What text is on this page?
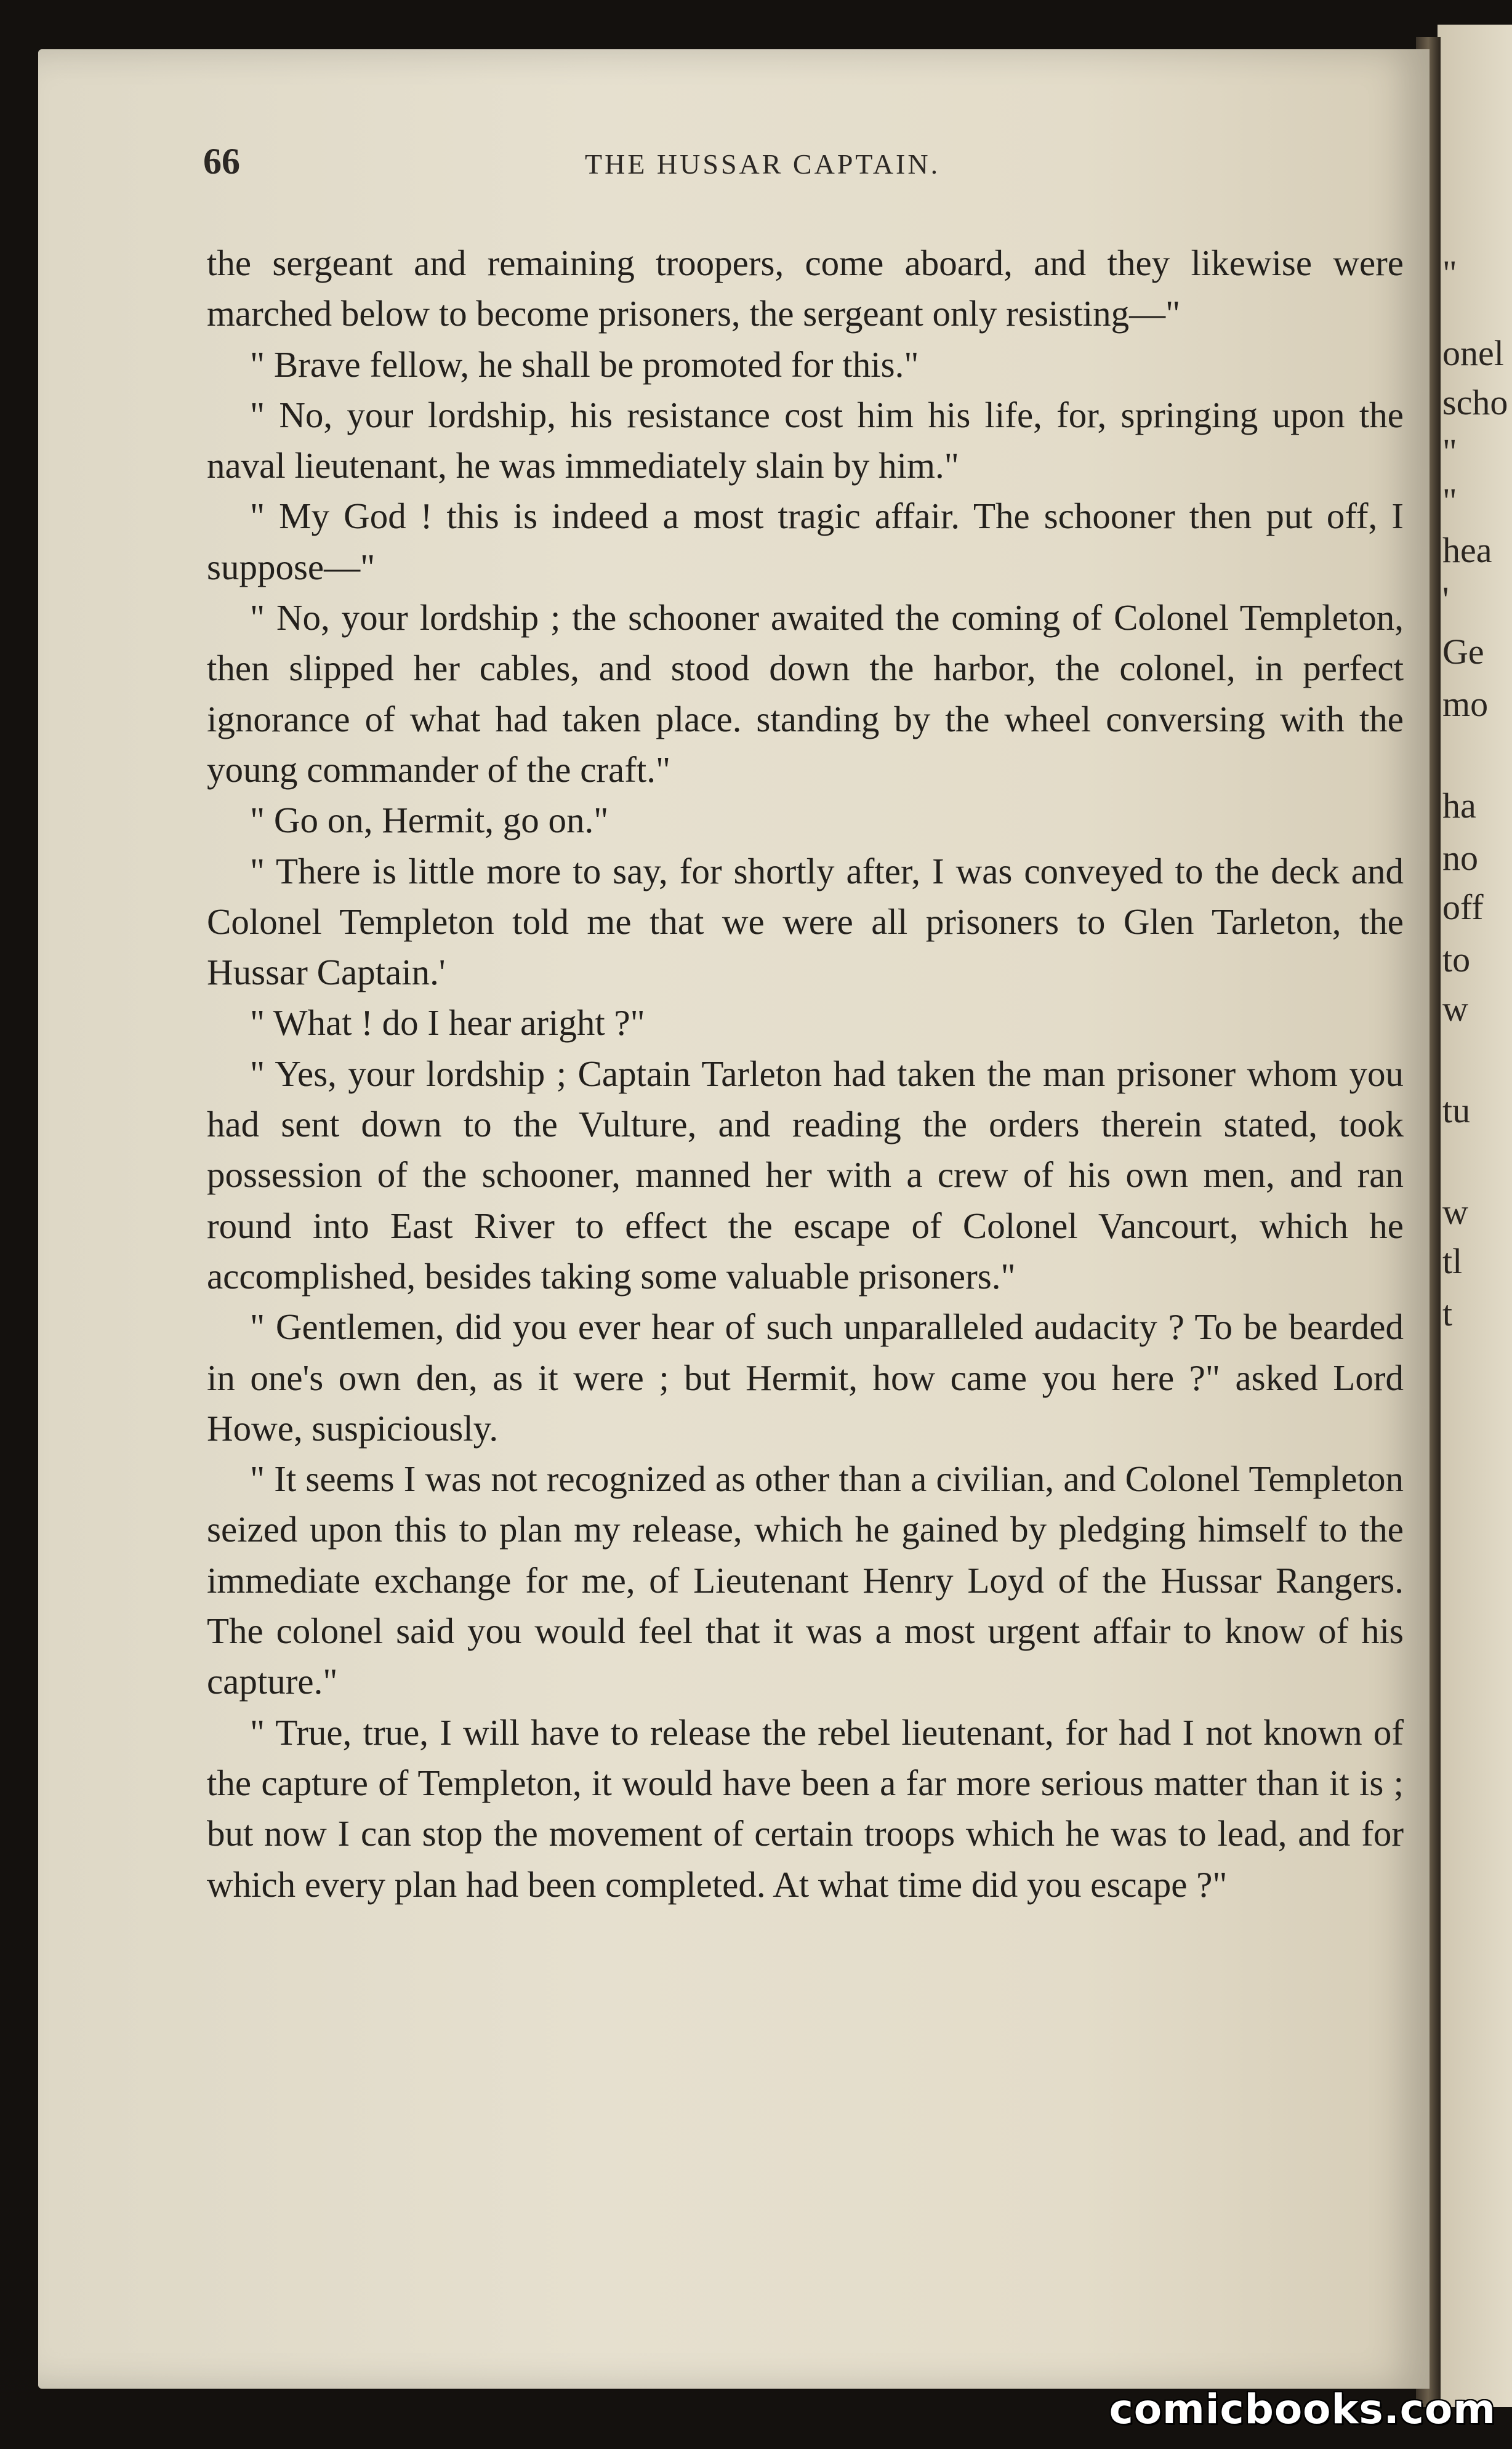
"
onel
scho
"
"
hea
'
Ge
mo
ha
no
off
to
w
tu
w
tl
t
66	THE HUSSAR CAPTAIN.

the sergeant and remaining troopers, come aboard, and they likewise were marched below to become prisoners, the sergeant only resisting—"

" Brave fellow, he shall be promoted for this."

" No, your lordship, his resistance cost him his life, for, springing upon the naval lieutenant, he was immediately slain by him."

" My God ! this is indeed a most tragic affair. The schooner then put off, I suppose—"

" No, your lordship ; the schooner awaited the coming of Colonel Templeton, then slipped her cables, and stood down the harbor, the colonel, in perfect ignorance of what had taken place. standing by the wheel conversing with the young commander of the craft."

" Go on, Hermit, go on."

" There is little more to say, for shortly after, I was conveyed to the deck and Colonel Templeton told me that we were all prisoners to Glen Tarleton, the Hussar Captain.'

" What ! do I hear aright ?"

" Yes, your lordship ; Captain Tarleton had taken the man prisoner whom you had sent down to the Vulture, and reading the orders therein stated, took possession of the schooner, manned her with a crew of his own men, and ran round into East River to effect the escape of Colonel Vancourt, which he accomplished, besides taking some valuable prisoners."

" Gentlemen, did you ever hear of such unparalleled audacity ? To be bearded in one's own den, as it were ; but Hermit, how came you here ?" asked Lord Howe, suspiciously.

" It seems I was not recognized as other than a civilian, and Colonel Templeton seized upon this to plan my release, which he gained by pledging himself to the immediate exchange for me, of Lieutenant Henry Loyd of the Hussar Rangers. The colonel said you would feel that it was a most urgent affair to know of his capture."

" True, true, I will have to release the rebel lieutenant, for had I not known of the capture of Templeton, it would have been a far more serious matter than it is ; but now I can stop the movement of certain troops which he was to lead, and for which every plan had been completed. At what time did you escape ?"

comicbooks.com
